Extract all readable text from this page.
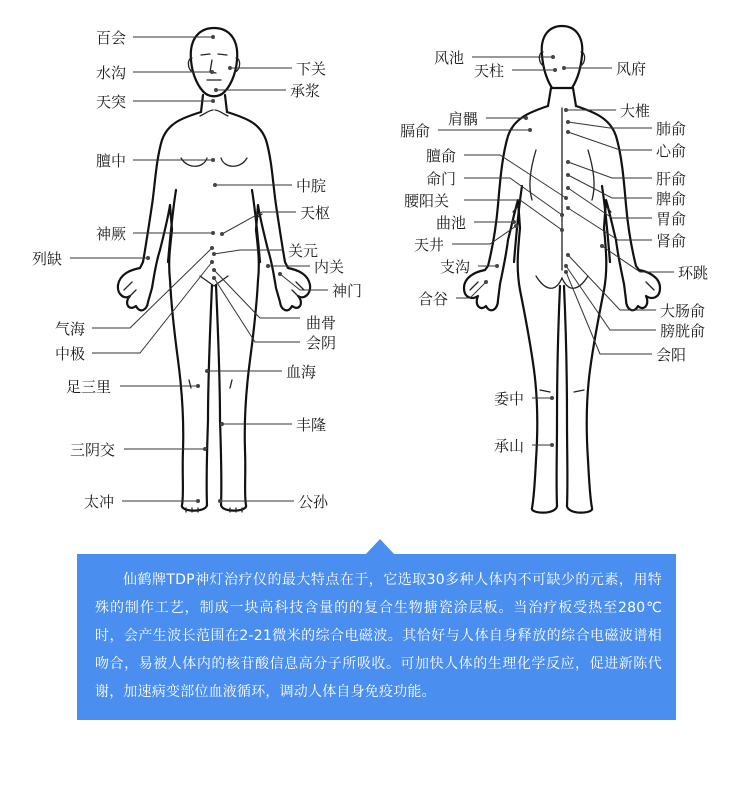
百会
水沟
天突
膻中
神厥
列缺
气海
中极
足三里
三阴交
太冲
下关
承浆
中脘
天枢
关元
内关
神门
曲骨
会阴
血海
丰隆
公孙
风池
天柱
肩髃
膈俞
膻俞
命门
腰阳关
曲池
天井
支沟
合谷
委中
承山
风府
大椎
肺俞
心俞
肝俞
脾俞
胃俞
肾俞
环跳
大肠俞
膀胱俞
会阳

仙鹤牌TDP神灯治疗仪的最大特点在于，它选取30多种人体内不可缺少的元素，用特殊的制作工艺，制成一块高科技含量的的复合生物搪瓷涂层板。当治疗板受热至280℃时，会产生波长范围在2-21微米的综合电磁波。其恰好与人体自身释放的综合电磁波谱相吻合，易被人体内的核苷酸信息高分子所吸收。可加快人体的生理化学反应，促进新陈代谢，加速病变部位血液循环，调动人体自身免疫功能。
